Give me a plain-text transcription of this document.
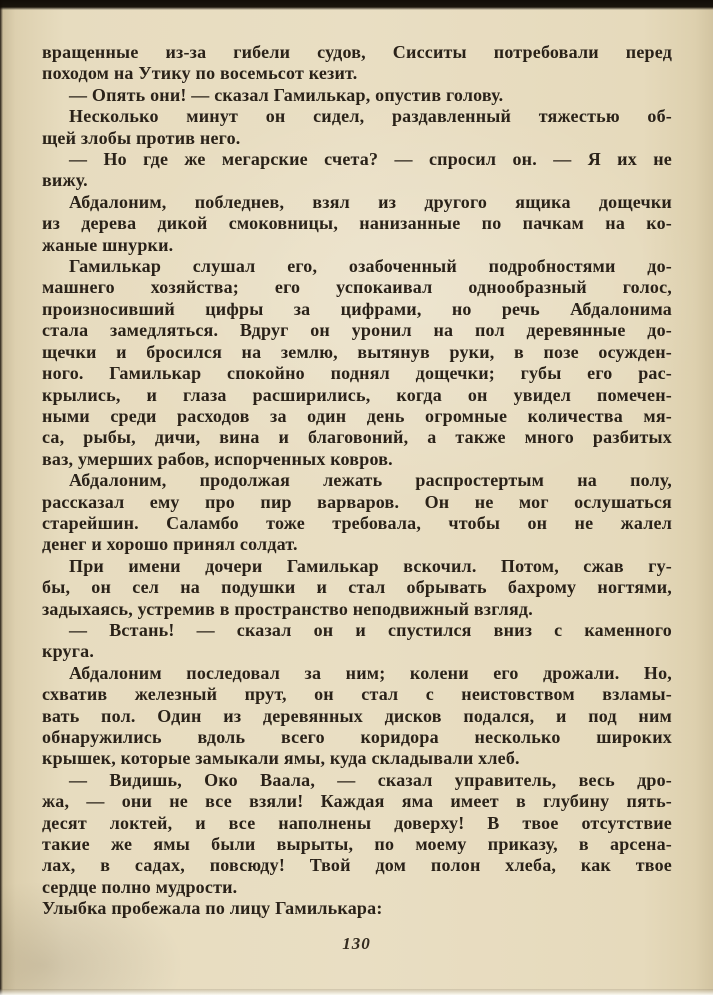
вращенные из-за гибели судов, Сисситы потребовали перед
походом на Утику по восемьсот кезит.
— Опять они! — сказал Гамилькар, опустив голову.
Несколько минут он сидел, раздавленный тяжестью об-
щей злобы против него.
— Но где же мегарские счета? — спросил он. — Я их не
вижу.
Абдалоним, побледнев, взял из другого ящика дощечки
из дерева дикой смоковницы, нанизанные по пачкам на ко-
жаные шнурки.
Гамилькар слушал его, озабоченный подробностями до-
машнего хозяйства; его успокаивал однообразный голос,
произносивший цифры за цифрами, но речь Абдалонима
стала замедляться. Вдруг он уронил на пол деревянные до-
щечки и бросился на землю, вытянув руки, в позе осужден-
ного. Гамилькар спокойно поднял дощечки; губы его рас-
крылись, и глаза расширились, когда он увидел помечен-
ными среди расходов за один день огромные количества мя-
са, рыбы, дичи, вина и благовоний, а также много разбитых
ваз, умерших рабов, испорченных ковров.
Абдалоним, продолжая лежать распростертым на полу,
рассказал ему про пир варваров. Он не мог ослушаться
старейшин. Саламбо тоже требовала, чтобы он не жалел
денег и хорошо принял солдат.
При имени дочери Гамилькар вскочил. Потом, сжав гу-
бы, он сел на подушки и стал обрывать бахрому ногтями,
задыхаясь, устремив в пространство неподвижный взгляд.
— Встань! — сказал он и спустился вниз с каменного
круга.
Абдалоним последовал за ним; колени его дрожали. Но,
схватив железный прут, он стал с неистовством взламы-
вать пол. Один из деревянных дисков подался, и под ним
обнаружились вдоль всего коридора несколько широких
крышек, которые замыкали ямы, куда складывали хлеб.
— Видишь, Око Ваала, — сказал управитель, весь дро-
жа, — они не все взяли! Каждая яма имеет в глубину пять-
десят локтей, и все наполнены доверху! В твое отсутствие
такие же ямы были вырыты, по моему приказу, в арсена-
лах, в садах, повсюду! Твой дом полон хлеба, как твое
сердце полно мудрости.
Улыбка пробежала по лицу Гамилькара:
130
